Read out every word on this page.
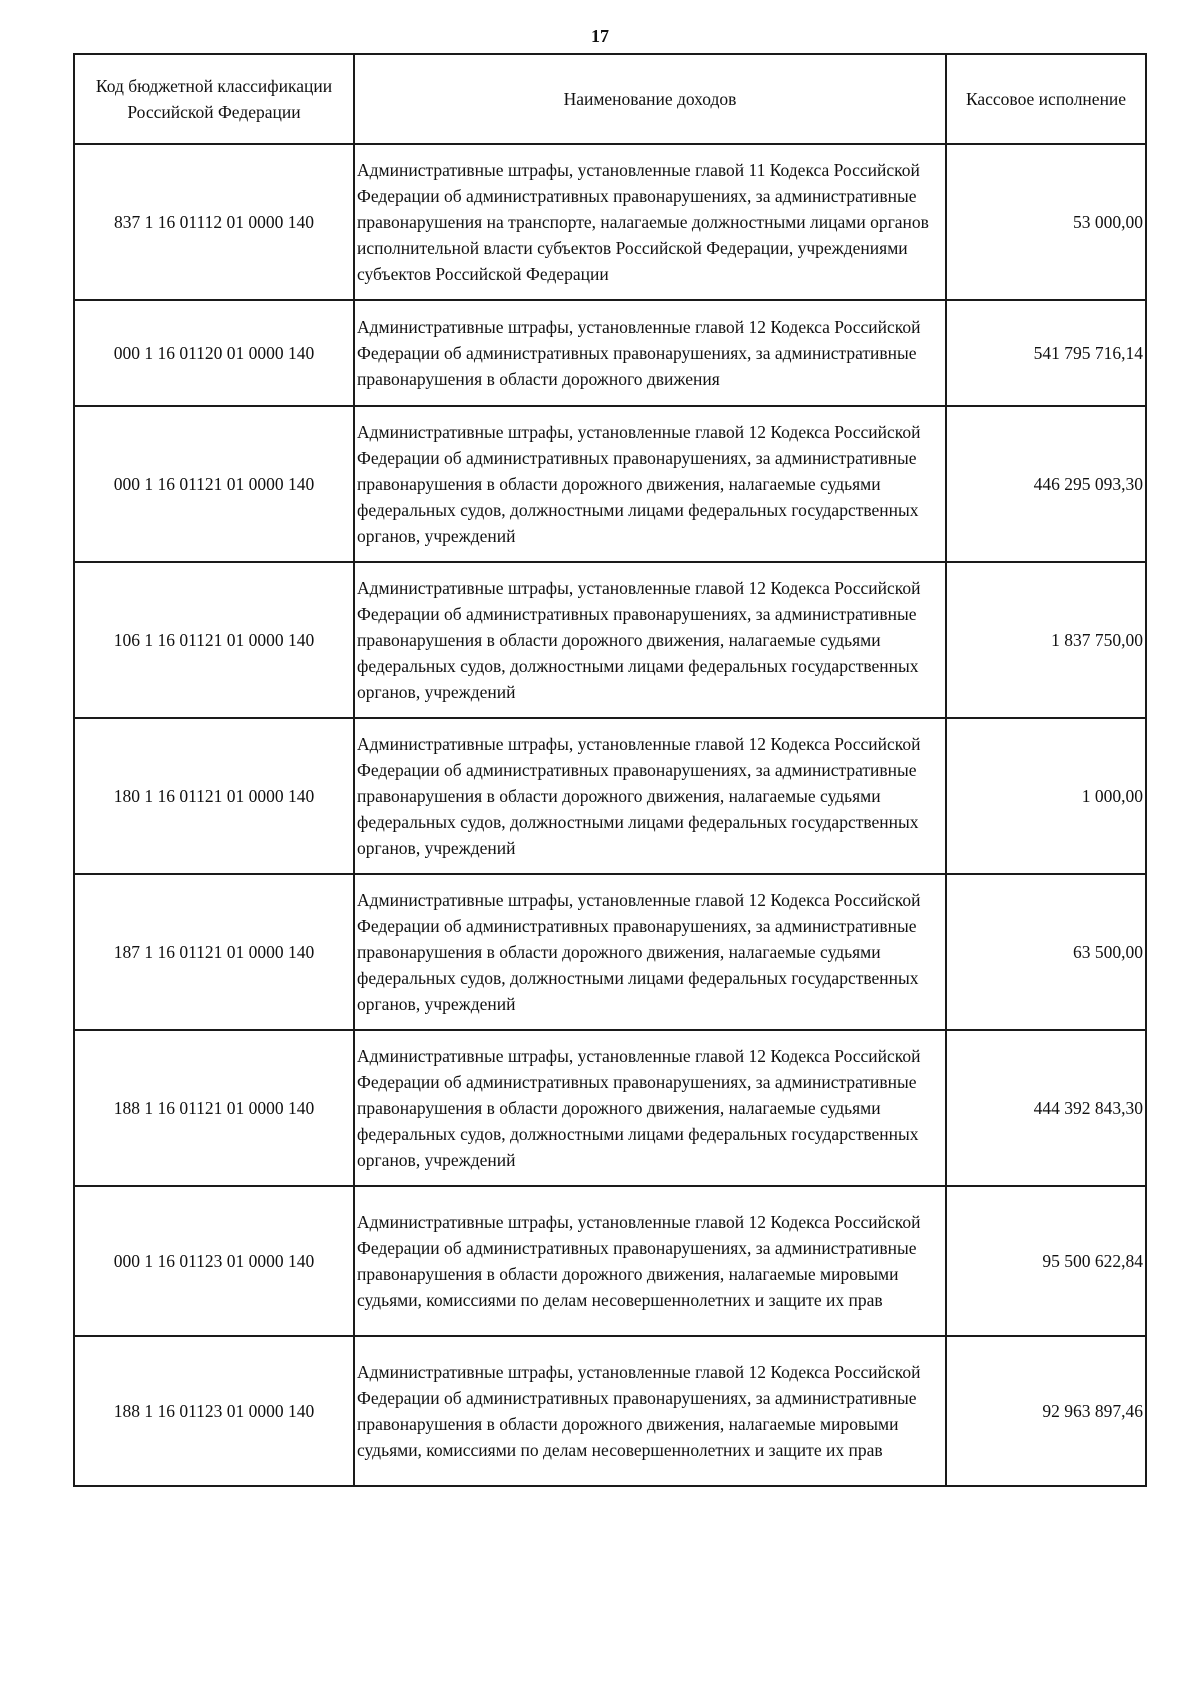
17
Код бюджетной классификации Российской Федерации	Наименование доходов	Кассовое исполнение
837 1 16 01112 01 0000 140	Административные штрафы, установленные главой 11 Кодекса Российской Федерации об административных правонарушениях, за административные правонарушения на транспорте, налагаемые должностными лицами органов исполнительной власти субъектов Российской Федерации, учреждениями субъектов Российской Федерации	53 000,00
000 1 16 01120 01 0000 140	Административные штрафы, установленные главой 12 Кодекса Российской Федерации об административных правонарушениях, за административные правонарушения в области дорожного движения	541 795 716,14
000 1 16 01121 01 0000 140	Административные штрафы, установленные главой 12 Кодекса Российской Федерации об административных правонарушениях, за административные правонарушения в области дорожного движения, налагаемые судьями федеральных судов, должностными лицами федеральных государственных органов, учреждений	446 295 093,30
106 1 16 01121 01 0000 140	Административные штрафы, установленные главой 12 Кодекса Российской Федерации об административных правонарушениях, за административные правонарушения в области дорожного движения, налагаемые судьями федеральных судов, должностными лицами федеральных государственных органов, учреждений	1 837 750,00
180 1 16 01121 01 0000 140	Административные штрафы, установленные главой 12 Кодекса Российской Федерации об административных правонарушениях, за административные правонарушения в области дорожного движения, налагаемые судьями федеральных судов, должностными лицами федеральных государственных органов, учреждений	1 000,00
187 1 16 01121 01 0000 140	Административные штрафы, установленные главой 12 Кодекса Российской Федерации об административных правонарушениях, за административные правонарушения в области дорожного движения, налагаемые судьями федеральных судов, должностными лицами федеральных государственных органов, учреждений	63 500,00
188 1 16 01121 01 0000 140	Административные штрафы, установленные главой 12 Кодекса Российской Федерации об административных правонарушениях, за административные правонарушения в области дорожного движения, налагаемые судьями федеральных судов, должностными лицами федеральных государственных органов, учреждений	444 392 843,30
000 1 16 01123 01 0000 140	Административные штрафы, установленные главой 12 Кодекса Российской Федерации об административных правонарушениях, за административные правонарушения в области дорожного движения, налагаемые мировыми судьями, комиссиями по делам несовершеннолетних и защите их прав	95 500 622,84
188 1 16 01123 01 0000 140	Административные штрафы, установленные главой 12 Кодекса Российской Федерации об административных правонарушениях, за административные правонарушения в области дорожного движения, налагаемые мировыми судьями, комиссиями по делам несовершеннолетних и защите их прав	92 963 897,46
